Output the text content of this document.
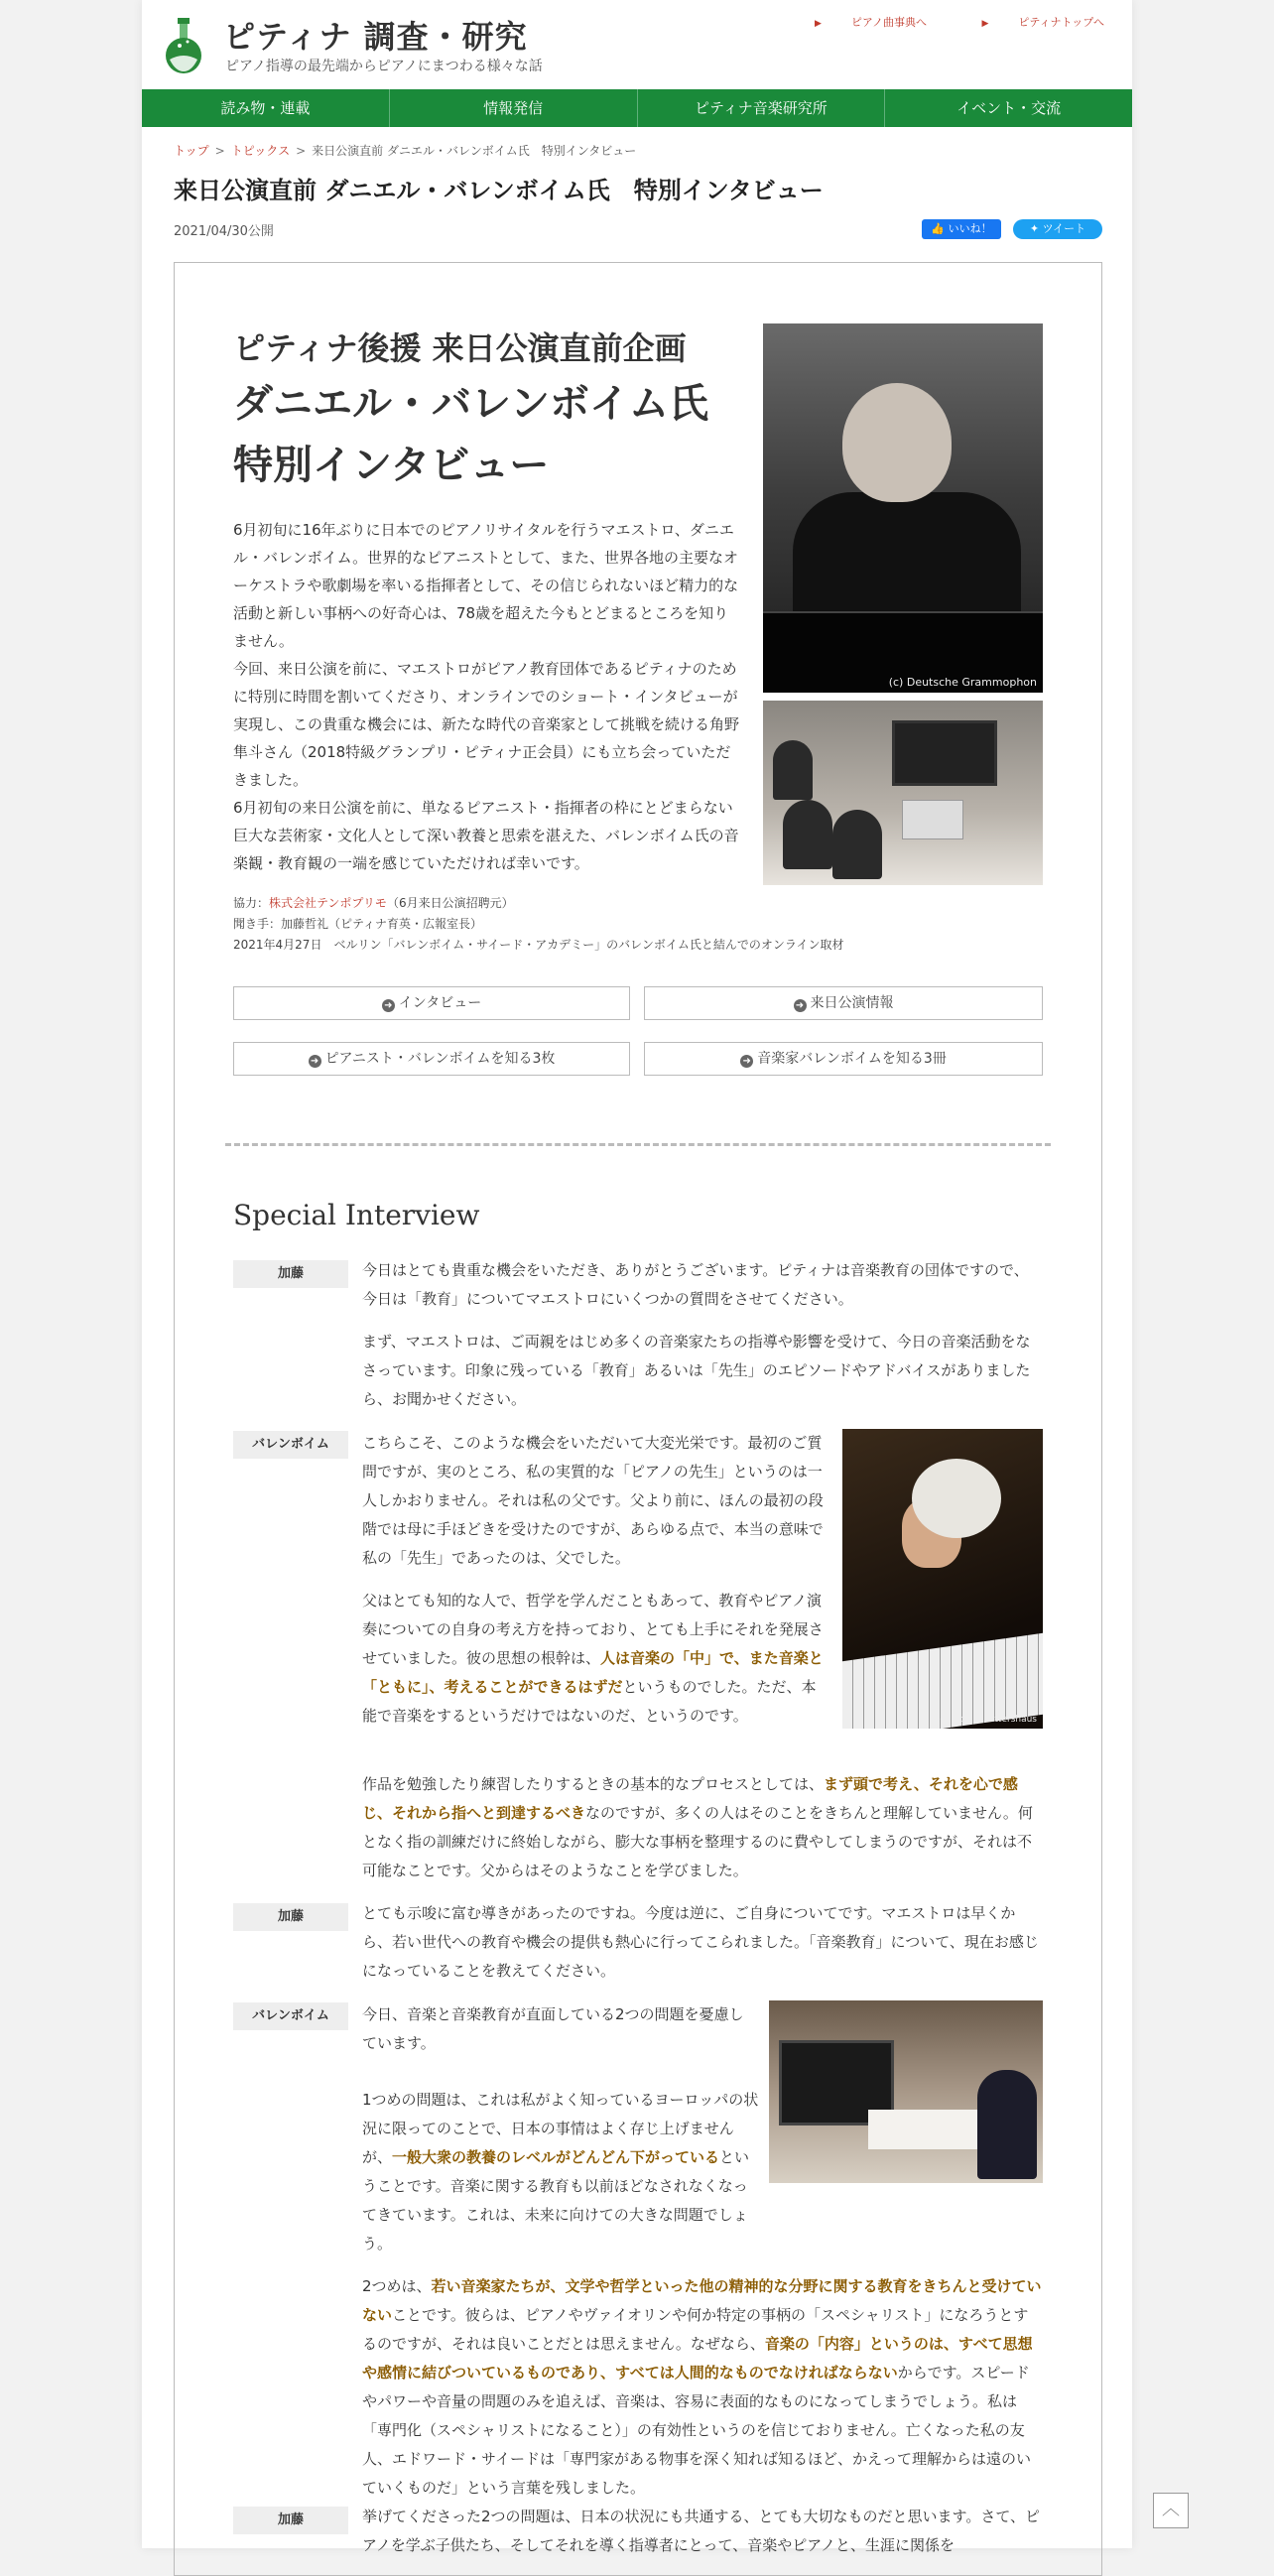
ピティナ 調査・研究
ピアノ指導の最先端からピアノにまつわる様々な話
▶	ピアノ曲事典へ	▶	ピティナトップへ
読み物・連載	情報発信	ピティナ音楽研究所	イベント・交流
トップ > トピックス > 来日公演直前 ダニエル・バレンボイム氏　特別インタビュー
来日公演直前 ダニエル・バレンボイム氏　特別インタビュー
2021/04/30公開	👍 いいね！	✦ ツイート
ピティナ後援 来日公演直前企画
ダニエル・バレンボイム氏
特別インタビュー

6月初旬に16年ぶりに日本でのピアノリサイタルを行うマエストロ、ダニエル・バレンボイム。世界的なピアニストとして、また、世界各地の主要なオーケストラや歌劇場を率いる指揮者として、その信じられないほど精力的な活動と新しい事柄への好奇心は、78歳を超えた今もとどまるところを知りません。

今回、来日公演を前に、マエストロがピアノ教育団体であるピティナのために特別に時間を割いてくださり、オンラインでのショート・インタビューが実現し、この貴重な機会には、新たな時代の音楽家として挑戦を続ける角野隼斗さん（2018特級グランプリ・ピティナ正会員）にも立ち会っていただきました。

6月初旬の来日公演を前に、単なるピアニスト・指揮者の枠にとどまらない巨大な芸術家・文化人として深い教養と思索を湛えた、バレンボイム氏の音楽観・教育観の一端を感じていただければ幸いです。

(c) Deutsche Grammophon
協力：株式会社テンポプリモ（6月来日公演招聘元）
聞き手：加藤哲礼（ピティナ育英・広報室長）
2021年4月27日　ベルリン「バレンボイム・サイード・アカデミー」のバレンボイム氏と結んでのオンライン取材
➜ インタビュー	➜ 来日公演情報
➜ ピアニスト・バレンボイムを知る3枚	➜ 音楽家バレンボイムを知る3冊
Special Interview
加藤	今日はとても貴重な機会をいただき、ありがとうございます。ピティナは音楽教育の団体ですので、今日は「教育」についてマエストロにいくつかの質問をさせてください。

まず、マエストロは、ご両親をはじめ多くの音楽家たちの指導や影響を受けて、今日の音楽活動をなさっています。印象に残っている「教育」あるいは「先生」のエピソードやアドバイスがありましたら、お聞かせください。

バレンボイム	こちらこそ、このような機会をいただいて大変光栄です。最初のご質問ですが、実のところ、私の実質的な「ピアノの先生」というのは一人しかおりません。それは私の父です。父より前に、ほんの最初の段階では母に手ほどきを受けたのですが、あらゆる点で、本当の意味で私の「先生」であったのは、父でした。

父はとても知的な人で、哲学を学んだこともあって、教育やピアノ演奏についての自身の考え方を持っており、とても上手にそれを発展させていました。彼の思想の根幹は、人は音楽の「中」で、また音楽と「ともに」、考えることができるはずだというものでした。ただ、本能で音楽をするというだけではないのだ、というのです。	(c) Monika Rittershaus

作品を勉強したり練習したりするときの基本的なプロセスとしては、まず頭で考え、それを心で感じ、それから指へと到達するべきなのですが、多くの人はそのことをきちんと理解していません。何となく指の訓練だけに終始しながら、膨大な事柄を整理するのに費やしてしまうのですが、それは不可能なことです。父からはそのようなことを学びました。

加藤	とても示唆に富む導きがあったのですね。今度は逆に、ご自身についてです。マエストロは早くから、若い世代への教育や機会の提供も熱心に行ってこられました。「音楽教育」について、現在お感じになっていることを教えてください。

バレンボイム	今日、音楽と音楽教育が直面している2つの問題を憂慮しています。

1つめの問題は、これは私がよく知っているヨーロッパの状況に限ってのことで、日本の事情はよく存じ上げませんが、一般大衆の教養のレベルがどんどん下がっているということです。音楽に関する教育も以前ほどなされなくなってきています。これは、未来に向けての大きな問題でしょう。

2つめは、若い音楽家たちが、文学や哲学といった他の精神的な分野に関する教育をきちんと受けていないことです。彼らは、ピアノやヴァイオリンや何か特定の事柄の「スペシャリスト」になろうとするのですが、それは良いことだとは思えません。なぜなら、音楽の「内容」というのは、すべて思想や感情に結びついているものであり、すべては人間的なものでなければならないからです。スピードやパワーや音量の問題のみを追えば、音楽は、容易に表面的なものになってしまうでしょう。私は「専門化（スペシャリストになること）」の有効性というのを信じておりません。亡くなった私の友人、エドワード・サイードは「専門家がある物事を深く知れば知るほど、かえって理解からは遠のいていくものだ」という言葉を残しました。

加藤	挙げてくださった2つの問題は、日本の状況にも共通する、とても大切なものだと思います。さて、ピアノを学ぶ子供たち、そしてそれを導く指導者にとって、音楽やピアノと、生涯に関係を

︿
